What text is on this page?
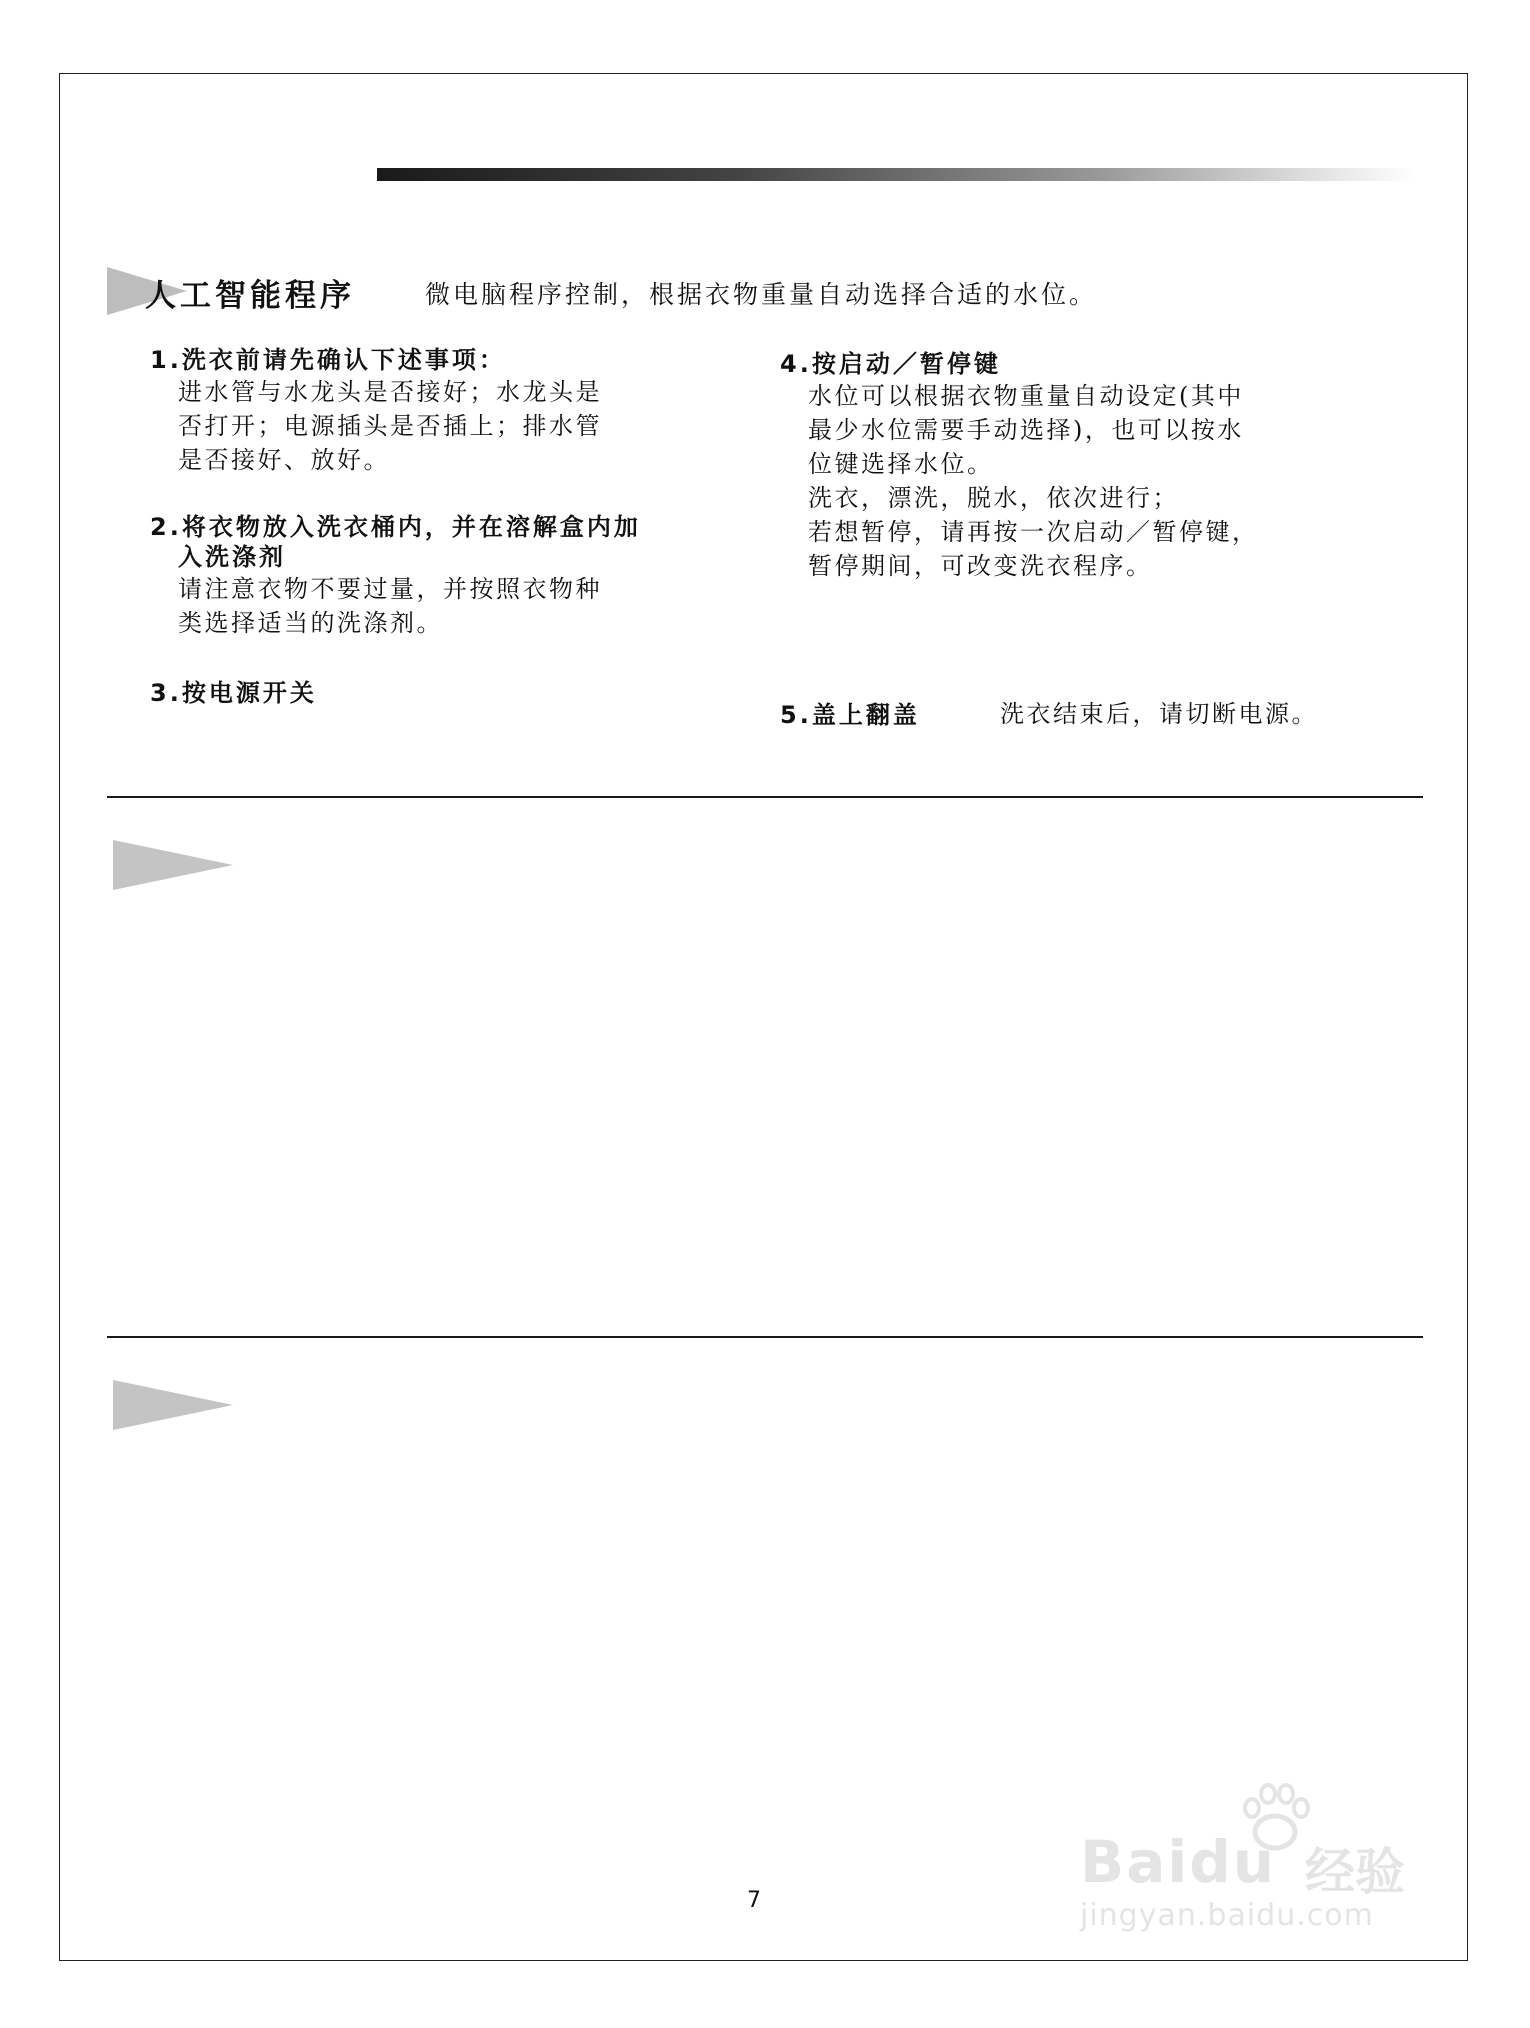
人工智能程序	微电脑程序控制，根据衣物重量自动选择合适的水位。
1.洗衣前请先确认下述事项：
进水管与水龙头是否接好；水龙头是
否打开；电源插头是否插上；排水管
是否接好、放好。
2.将衣物放入洗衣桶内，并在溶解盒内加
入洗涤剂
请注意衣物不要过量，并按照衣物种
类选择适当的洗涤剂。
3.按电源开关
4.按启动／暂停键
水位可以根据衣物重量自动设定(其中
最少水位需要手动选择)，也可以按水
位键选择水位。
洗衣，漂洗，脱水，依次进行；
若想暂停，请再按一次启动／暂停键，
暂停期间，可改变洗衣程序。
5.盖上翻盖	洗衣结束后，请切断电源。
7
Baidu 经验
jingyan.baidu.com
